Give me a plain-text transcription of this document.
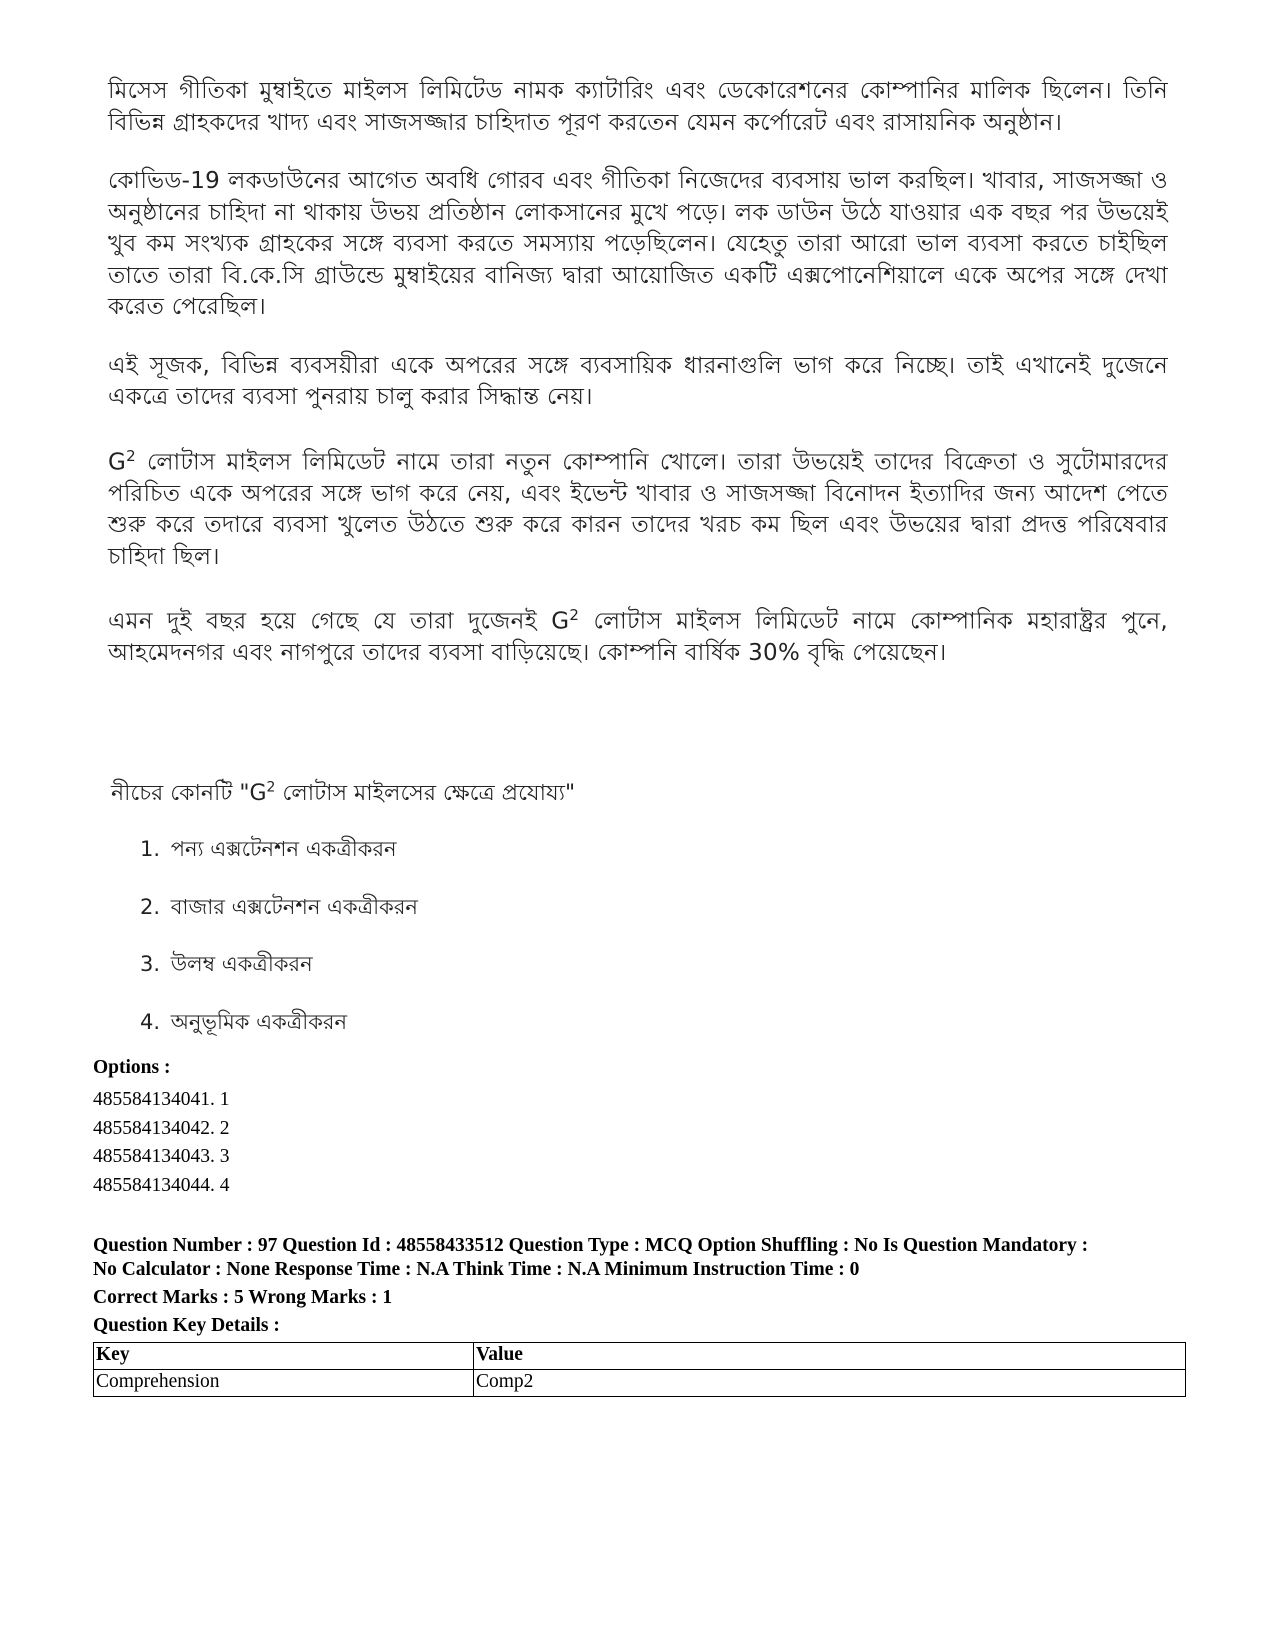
মিসেস গীতিকা মুম্বাইতে মাইলস লিমিটেড নামক ক্যাটারিং এবং ডেকোরেশনের কোম্পানির মালিক ছিলেন। তিনি বিভিন্ন গ্রাহকদের খাদ্য এবং সাজসজ্জার চাহিদাত পূরণ করতেন যেমন কর্পোরেট এবং রাসায়নিক অনুষ্ঠান।

কোভিড-19 লকডাউনের আগেত অবধি গোরব এবং গীতিকা নিজেদের ব্যবসায় ভাল করছিল। খাবার, সাজসজ্জা ও অনুষ্ঠানের চাহিদা না থাকায় উভয় প্রতিষ্ঠান লোকসানের মুখে পড়ে। লক ডাউন উঠে যাওয়ার এক বছর পর উভয়েই খুব কম সংখ্যক গ্রাহকের সঙ্গে ব্যবসা করতে সমস্যায় পড়েছিলেন। যেহেতু তারা আরো ভাল ব্যবসা করতে চাইছিল তাতে তারা বি.কে.সি গ্রাউন্ডে মুম্বাইয়ের বানিজ্য দ্বারা আয়োজিত একটি এক্সপোনেশিয়ালে একে অপের সঙ্গে দেখা করেত পেরেছিল।

এই সূজক, বিভিন্ন ব্যবসয়ীরা একে অপরের সঙ্গে ব্যবসায়িক ধারনাগুলি ভাগ করে নিচ্ছে। তাই এখানেই দুজেনে একত্রে তাদের ব্যবসা পুনরায় চালু করার সিদ্ধান্ত নেয়।

$G^2$ লোটাস মাইলস লিমিডেট নামে তারা নতুন কোম্পানি খোলে। তারা উভয়েই তাদের বিক্রেতা ও সুটোমারদের পরিচিত একে অপরের সঙ্গে ভাগ করে নেয়, এবং ইভেন্ট খাবার ও সাজসজ্জা বিনোদন ইত্যাদির জন্য আদেশ পেতে শুরু করে তদারে ব্যবসা খুলেত উঠতে শুরু করে কারন তাদের খরচ কম ছিল এবং উভয়ের দ্বারা প্রদত্ত পরিষেবার চাহিদা ছিল।

এমন দুই বছর হয়ে গেছে যে তারা দুজেনই $G^2$ লোটাস মাইলস লিমিডেট নামে কোম্পানিক মহারাষ্ট্রর পুনে, আহমেদনগর এবং নাগপুরে তাদের ব্যবসা বাড়িয়েছে। কোম্পনি বার্ষিক 30% বৃদ্ধি পেয়েছেন।

নীচের কোনটি "$G^2$ লোটাস মাইলসের ক্ষেত্রে প্রযোয্য"
1. পন্য এক্সটেনশন একত্রীকরন
2. বাজার এক্সটেনশন একত্রীকরন
3. উলম্ব একত্রীকরন
4. অনুভূমিক একত্রীকরন
Options :
485584134041. 1
485584134042. 2
485584134043. 3
485584134044. 4
Question Number : 97 Question Id : 48558433512 Question Type : MCQ Option Shuffling : No Is Question Mandatory :
No Calculator : None Response Time : N.A Think Time : N.A Minimum Instruction Time : 0
Correct Marks : 5 Wrong Marks : 1
Question Key Details :
Key	Value
Comprehension	Comp2
